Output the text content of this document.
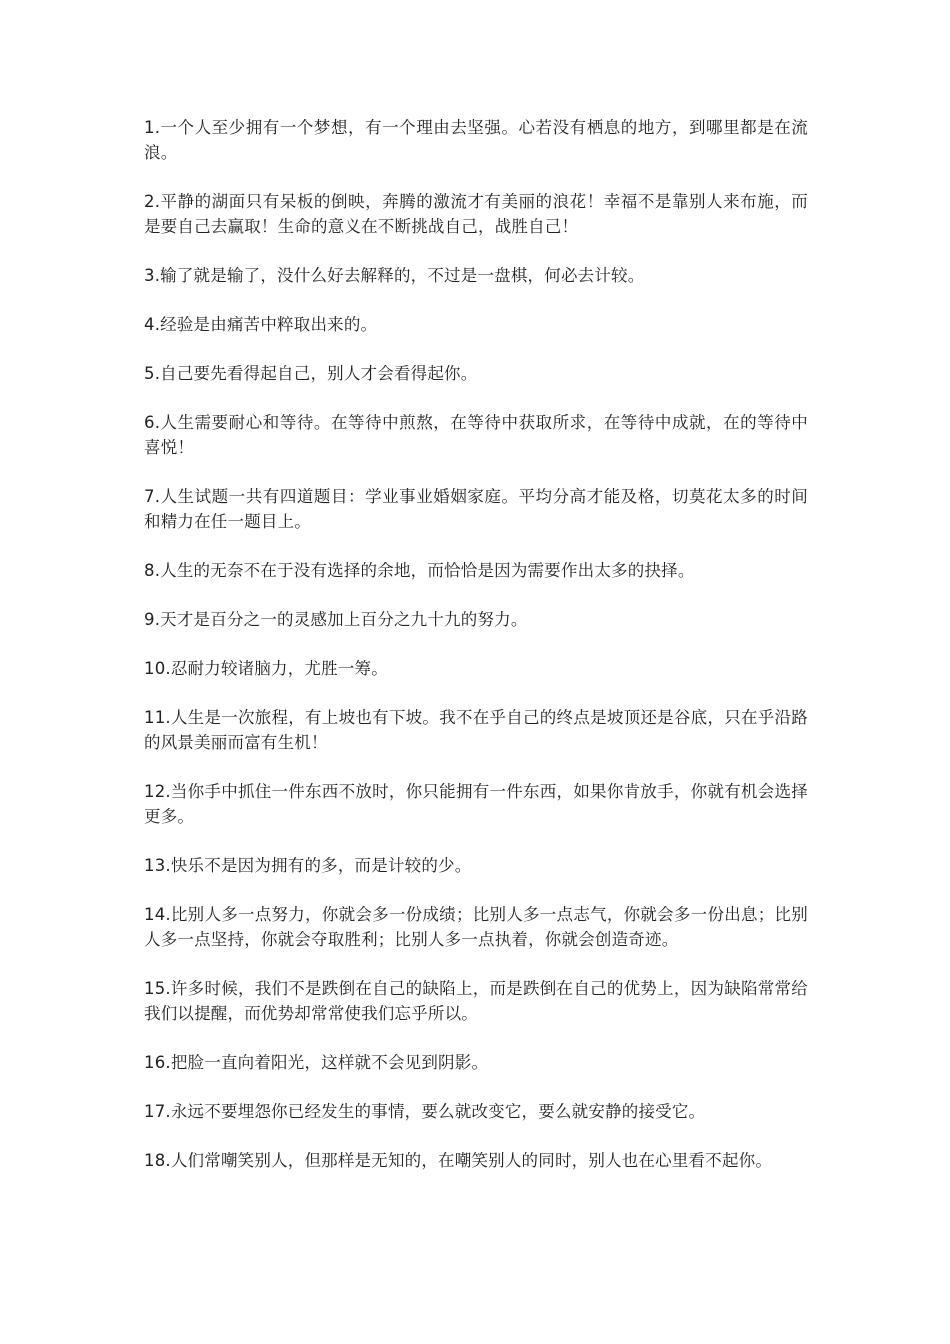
1.一个人至少拥有一个梦想，有一个理由去坚强。心若没有栖息的地方，到哪里都是在流浪。

2.平静的湖面只有呆板的倒映，奔腾的激流才有美丽的浪花！幸福不是靠别人来布施，而是要自己去赢取！生命的意义在不断挑战自己，战胜自己！

3.输了就是输了，没什么好去解释的，不过是一盘棋，何必去计较。

4.经验是由痛苦中粹取出来的。

5.自己要先看得起自己，别人才会看得起你。

6.人生需要耐心和等待。在等待中煎熬，在等待中获取所求，在等待中成就，在的等待中喜悦！

7.人生试题一共有四道题目：学业事业婚姻家庭。平均分高才能及格，切莫花太多的时间和精力在任一题目上。

8.人生的无奈不在于没有选择的余地，而恰恰是因为需要作出太多的抉择。

9.天才是百分之一的灵感加上百分之九十九的努力。

10.忍耐力较诸脑力，尤胜一筹。

11.人生是一次旅程，有上坡也有下坡。我不在乎自己的终点是坡顶还是谷底，只在乎沿路的风景美丽而富有生机！

12.当你手中抓住一件东西不放时，你只能拥有一件东西，如果你肯放手，你就有机会选择更多。

13.快乐不是因为拥有的多，而是计较的少。

14.比别人多一点努力，你就会多一份成绩；比别人多一点志气，你就会多一份出息；比别人多一点坚持，你就会夺取胜利；比别人多一点执着，你就会创造奇迹。

15.许多时候，我们不是跌倒在自己的缺陷上，而是跌倒在自己的优势上，因为缺陷常常给我们以提醒，而优势却常常使我们忘乎所以。

16.把脸一直向着阳光，这样就不会见到阴影。

17.永远不要埋怨你已经发生的事情，要么就改变它，要么就安静的接受它。

18.人们常嘲笑别人，但那样是无知的，在嘲笑别人的同时，别人也在心里看不起你。
